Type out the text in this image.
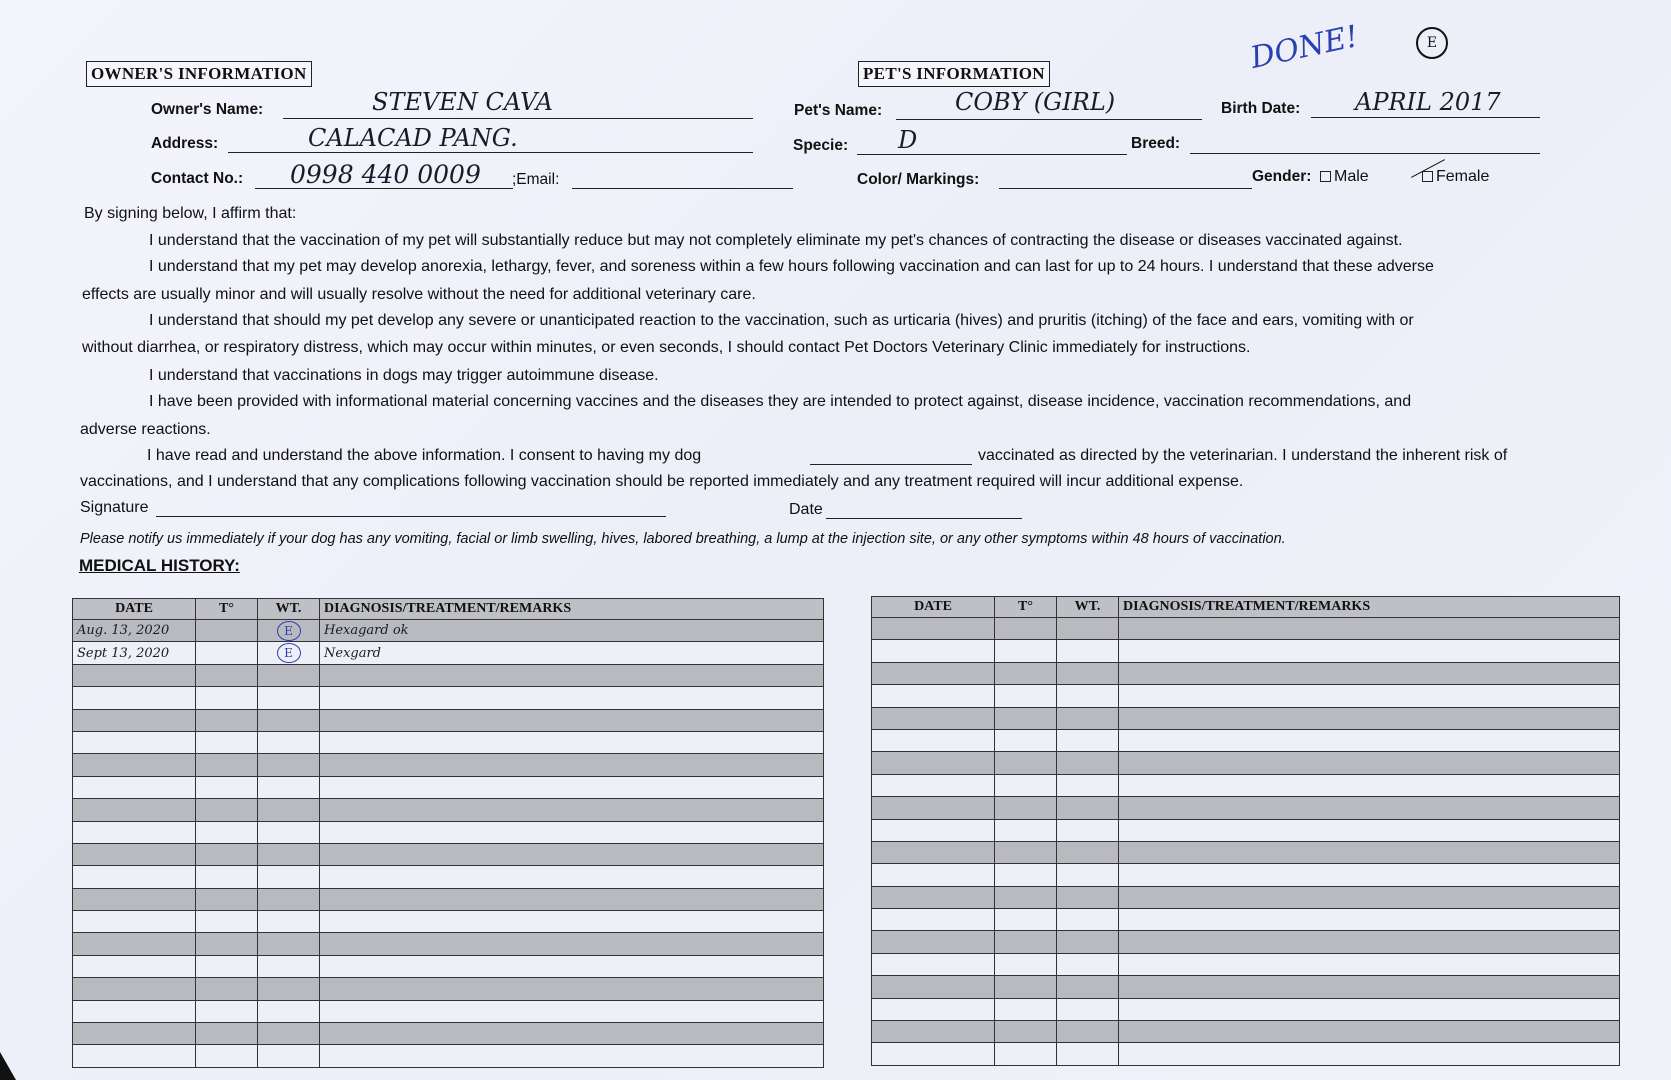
OWNER'S INFORMATION	PET'S INFORMATION	DONE!	E
Owner's Name:	STEVEN CAVA
Address:	CALACAD PANG.
Contact No.: 0998 440 0009 ;Email:
Pet's Name:	COBY (GIRL)	Birth Date: APRIL 2017
Specie: D	Breed:
Color/ Markings:	Gender:	Male	Female
By signing below, I affirm that:
I understand that the vaccination of my pet will substantially reduce but may not completely eliminate my pet's chances of contracting the disease or diseases vaccinated against.
I understand that my pet may develop anorexia, lethargy, fever, and soreness within a few hours following vaccination and can last for up to 24 hours. I understand that these adverse
effects are usually minor and will usually resolve without the need for additional veterinary care.
I understand that should my pet develop any severe or unanticipated reaction to the vaccination, such as urticaria (hives) and pruritis (itching) of the face and ears, vomiting with or
without diarrhea, or respiratory distress, which may occur within minutes, or even seconds, I should contact Pet Doctors Veterinary Clinic immediately for instructions.
I understand that vaccinations in dogs may trigger autoimmune disease.
I have been provided with informational material concerning vaccines and the diseases they are intended to protect against, disease incidence, vaccination recommendations, and
adverse reactions.
I have read and understand the above information. I consent to having my dog	vaccinated as directed by the veterinarian. I understand the inherent risk of
vaccinations, and I understand that any complications following vaccination should be reported immediately and any treatment required will incur additional expense.
Signature	Date
Please notify us immediately if your dog has any vomiting, facial or limb swelling, hives, labored breathing, a lump at the injection site, or any other symptoms within 48 hours of vaccination.
MEDICAL HISTORY:
DATE	T°	WT.	DIAGNOSIS/TREATMENT/REMARKS
Aug. 13, 2020		E	Hexagard ok
Sept 13, 2020		E	Nexgard

DATE	T°	WT.	DIAGNOSIS/TREATMENT/REMARKS
